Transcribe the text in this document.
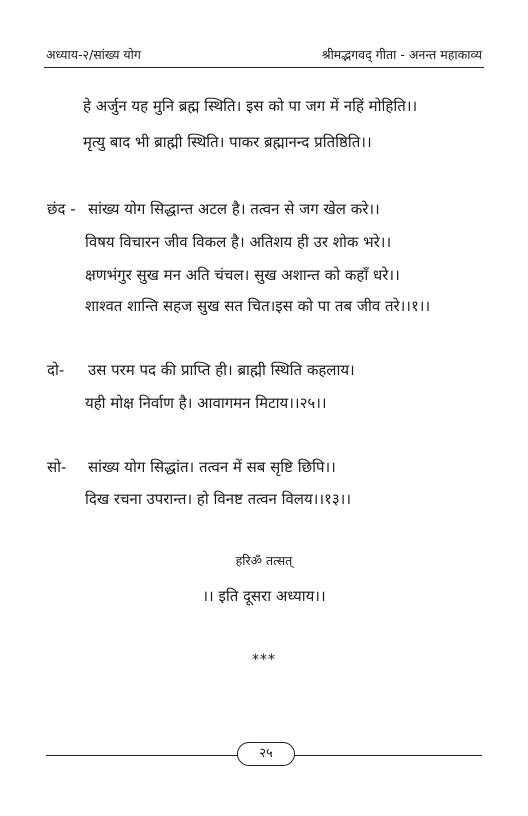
अध्याय-२/सांख्य योग	श्रीमद्भगवद् गीता - अनन्त महाकाव्य
हे अर्जुन यह मुनि ब्रह्म स्थिति। इस को पा जग में नहिं मोहिति।।
मृत्यु बाद भी ब्राह्मी स्थिति। पाकर ब्रह्मानन्द प्रतिष्ठिति।।
छंद - सांख्य योग सिद्धान्त अटल है। तत्वन से जग खेल करे।।
विषय विचारन जीव विकल है। अतिशय ही उर शोक भरे।।
क्षणभंगुर सुख मन अति चंचल। सुख अशान्त को कहाँ धरे।।
शाश्वत शान्ति सहज सुख सत चित।इस को पा तब जीव तरे।।१।।
दो- उस परम पद की प्राप्ति ही। ब्राह्मी स्थिति कहलाय।
यही मोक्ष निर्वाण है। आवागमन मिटाय।।२५।।
सो- सांख्य योग सिद्धांत। तत्वन में सब सृष्टि छिपि।।
दिख रचना उपरान्त। हो विनष्ट तत्वन विलय।।१३।।
हरिॐ तत्सत्
।। इति दूसरा अध्याय।।
***
२५
